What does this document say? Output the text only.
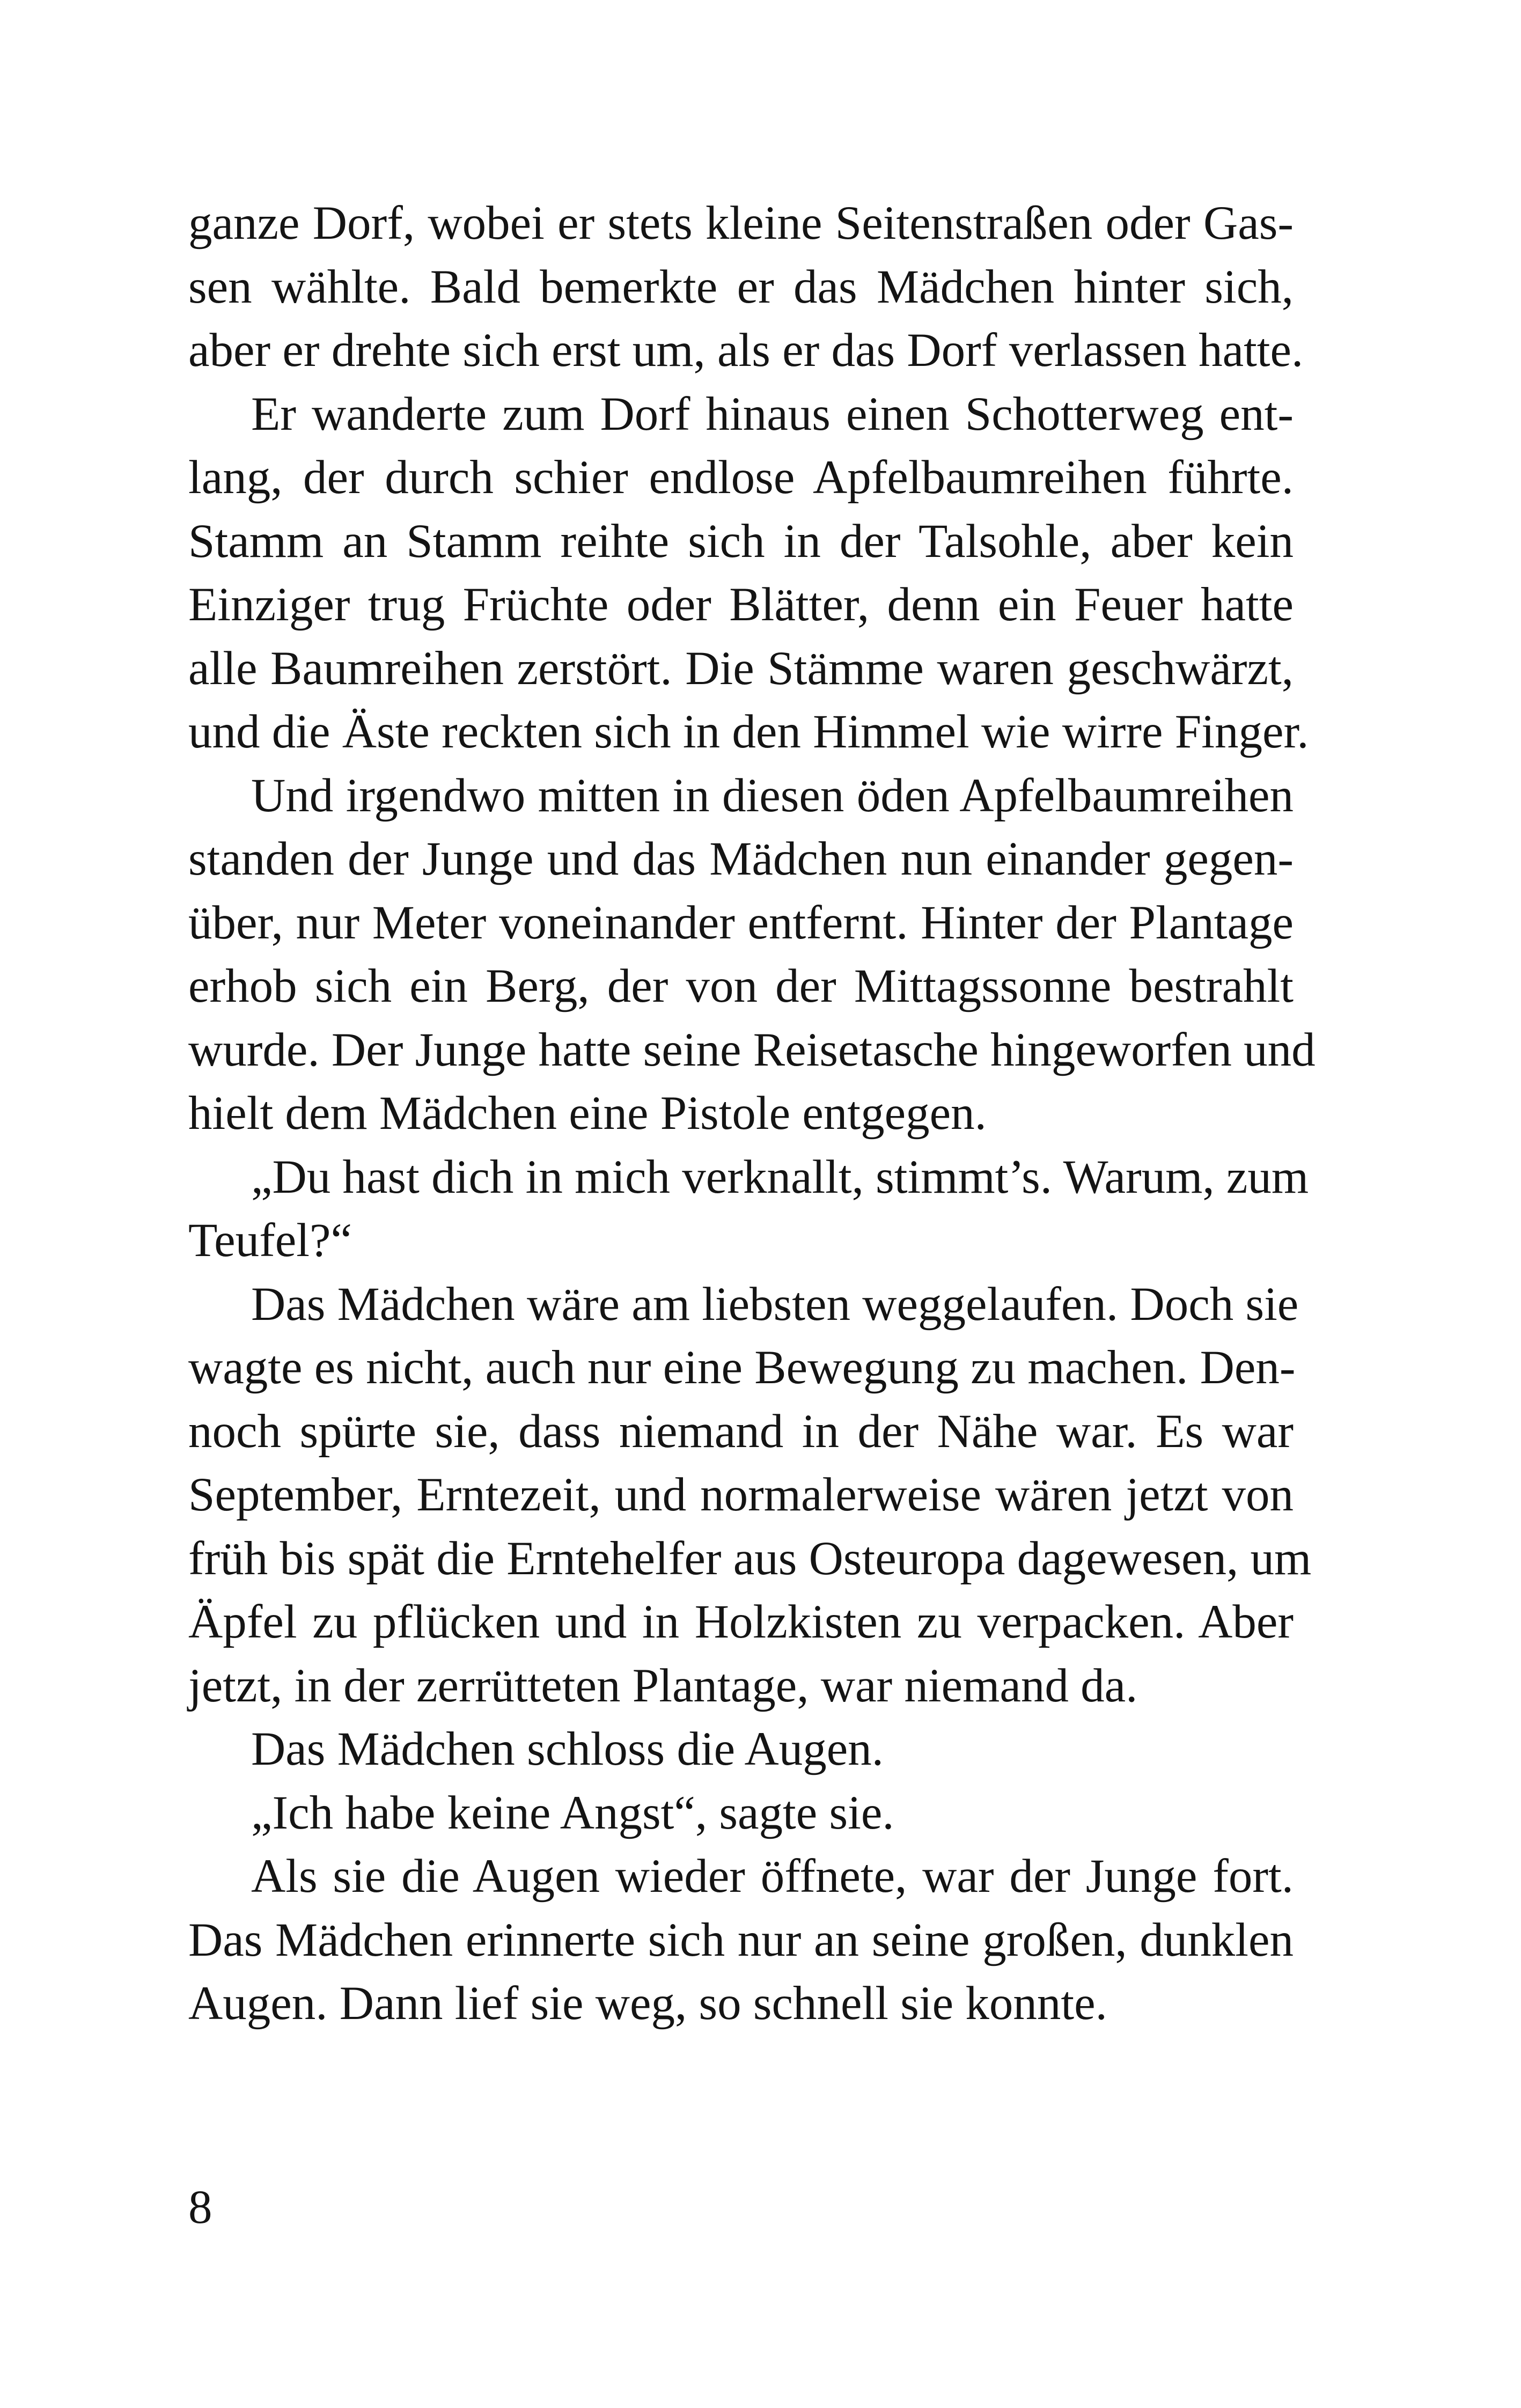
ganze Dorf, wobei er stets kleine Seitenstraßen oder Gas-
sen wählte. Bald bemerkte er das Mädchen hinter sich,
aber er drehte sich erst um, als er das Dorf verlassen hatte.
Er wanderte zum Dorf hinaus einen Schotterweg ent-
lang, der durch schier endlose Apfelbaumreihen führte.
Stamm an Stamm reihte sich in der Talsohle, aber kein
Einziger trug Früchte oder Blätter, denn ein Feuer hatte
alle Baumreihen zerstört. Die Stämme waren geschwärzt,
und die Äste reckten sich in den Himmel wie wirre Finger.
Und irgendwo mitten in diesen öden Apfelbaumreihen
standen der Junge und das Mädchen nun einander gegen-
über, nur Meter voneinander entfernt. Hinter der Plantage
erhob sich ein Berg, der von der Mittagssonne bestrahlt
wurde. Der Junge hatte seine Reisetasche hingeworfen und
hielt dem Mädchen eine Pistole entgegen.
„Du hast dich in mich verknallt, stimmt’s. Warum, zum
Teufel?“
Das Mädchen wäre am liebsten weggelaufen. Doch sie
wagte es nicht, auch nur eine Bewegung zu machen. Den-
noch spürte sie, dass niemand in der Nähe war. Es war
September, Erntezeit, und normalerweise wären jetzt von
früh bis spät die Erntehelfer aus Osteuropa dagewesen, um
Äpfel zu pflücken und in Holzkisten zu verpacken. Aber
jetzt, in der zerrütteten Plantage, war niemand da.
Das Mädchen schloss die Augen.
„Ich habe keine Angst“, sagte sie.
Als sie die Augen wieder öffnete, war der Junge fort.
Das Mädchen erinnerte sich nur an seine großen, dunklen
Augen. Dann lief sie weg, so schnell sie konnte.
8
